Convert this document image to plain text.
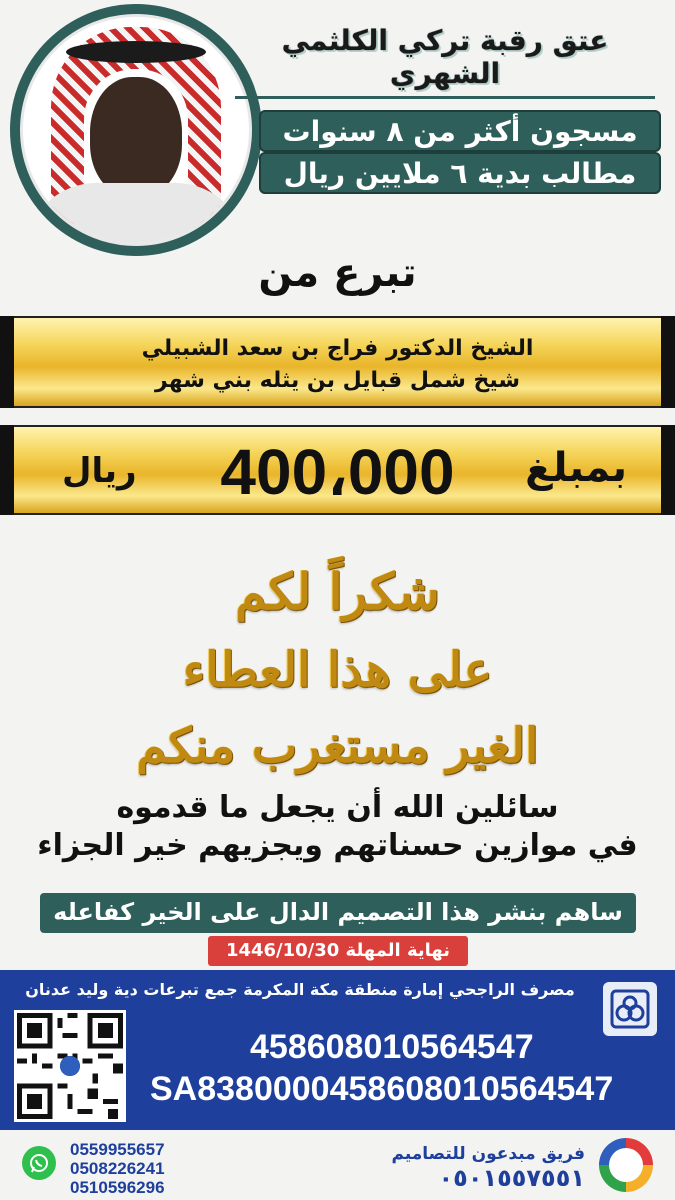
عتق رقبة تركي الكلثمي الشهري
مسجون أكثر من ٨ سنوات
مطالب بدية ٦ ملايين ريال
تبرع من
الشيخ الدكتور فراج بن سعد الشبيلي
شيخ شمل قبايل بن يثله بني شهر
بمبلغ
400،000
ريال
شكراً لكم
على هذا العطاء
الغير مستغرب منكم
سائلين الله أن يجعل ما قدموه
في موازين حسناتهم ويجزيهم خير الجزاء
ساهم بنشر هذا التصميم الدال على الخير كفاعله
نهاية المهلة 1446/10/30
مصرف الراجحي إمارة منطقة مكة المكرمة جمع تبرعات دية وليد عدنان
458608010564547
SA8380000458608010564547
0559955657
0508226241
0510596296
فريق مبدعون للتصاميم
٠٥٠١٥٥٧٥٥١
